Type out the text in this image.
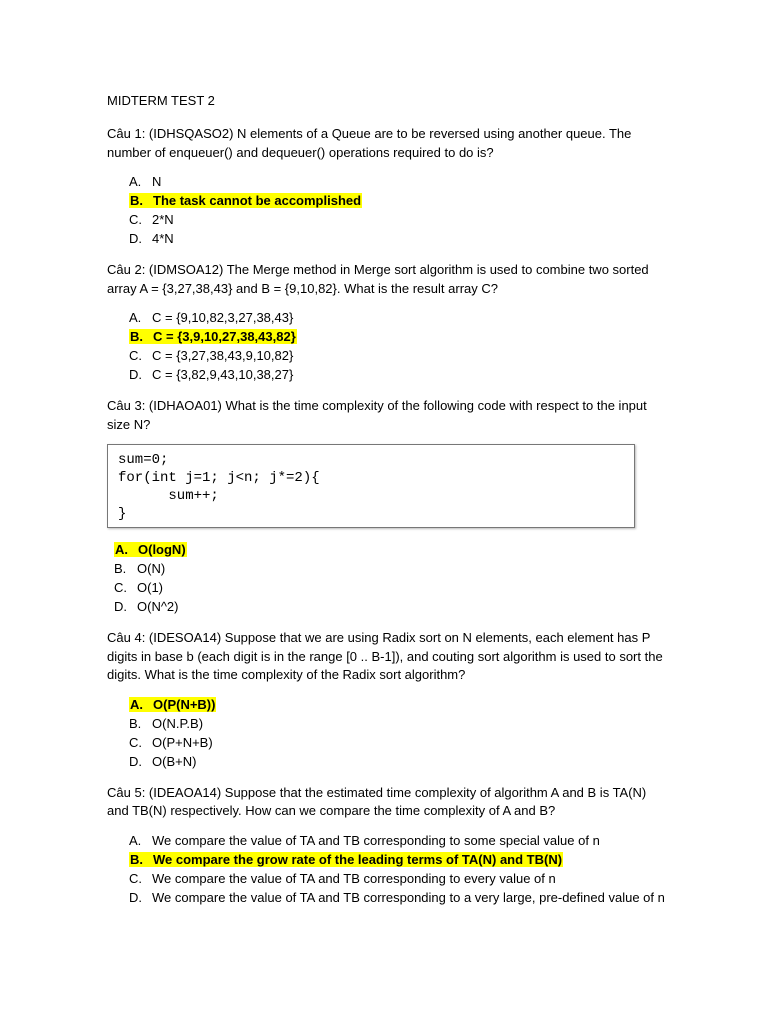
MIDTERM TEST 2
Câu 1: (IDHSQASO2) N elements of a Queue are to be reversed using another queue. The number of enqueuer() and dequeuer() operations required to do is?
A. N
B. The task cannot be accomplished
C. 2*N
D. 4*N
Câu 2: (IDMSOA12) The Merge method in Merge sort algorithm is used to combine two sorted array A = {3,27,38,43} and B = {9,10,82}. What is the result array C?
A. C = {9,10,82,3,27,38,43}
B. C = {3,9,10,27,38,43,82}
C. C = {3,27,38,43,9,10,82}
D. C = {3,82,9,43,10,38,27}
Câu 3: (IDHAOA01) What is the time complexity of the following code with respect to the input size N?
sum=0;
for(int j=1; j<n; j*=2){
sum++;
}
A. O(logN)
B. O(N)
C. O(1)
D. O(N^2)
Câu 4: (IDESOA14) Suppose that we are using Radix sort on N elements, each element has P digits in base b (each digit is in the range [0 .. B-1]), and couting sort algorithm is used to sort the digits. What is the time complexity of the Radix sort algorithm?
A. O(P(N+B))
B. O(N.P.B)
C. O(P+N+B)
D. O(B+N)
Câu 5: (IDEAOA14) Suppose that the estimated time complexity of algorithm A and B is TA(N) and TB(N) respectively. How can we compare the time complexity of A and B?
A. We compare the value of TA and TB corresponding to some special value of n
B. We compare the grow rate of the leading terms of TA(N) and TB(N)
C. We compare the value of TA and TB corresponding to every value of n
D. We compare the value of TA and TB corresponding to a very large, pre-defined value of n
